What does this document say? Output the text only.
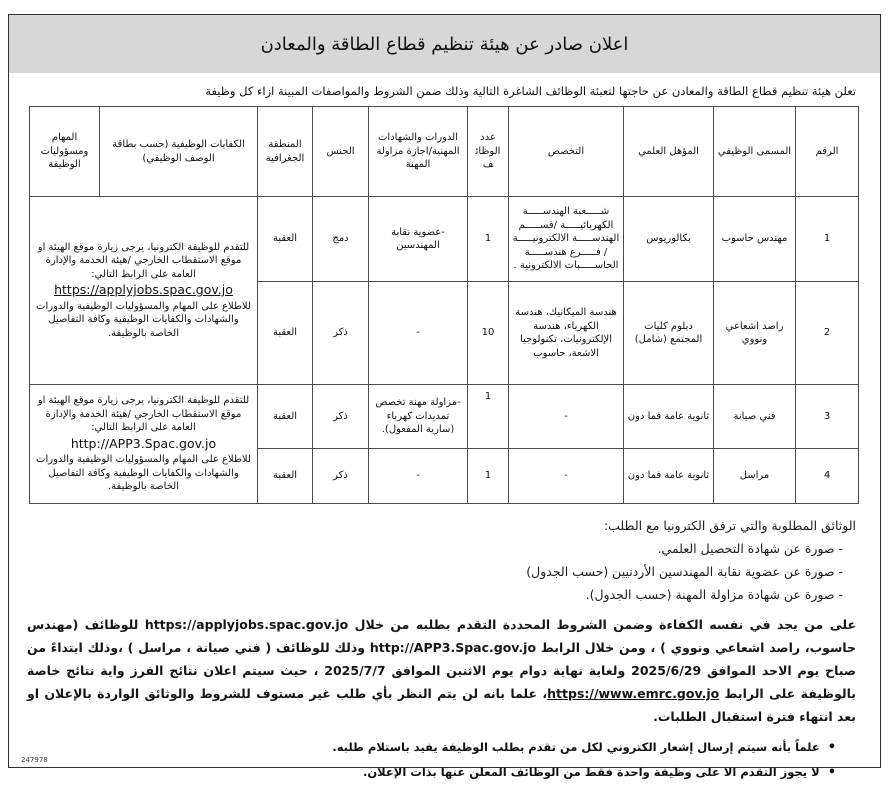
اعلان صادر عن هيئة تنظيم قطاع الطاقة والمعادن
تعلن هيئة تنظيم قطاع الطاقة والمعادن عن حاجتها لتعبئة الوظائف الشاغرة التالية وذلك ضمن الشروط والمواصفات المبينة ازاء كل وظيفة
الرقم	المسمى الوظيفي	المؤهل العلمي	التخصص	عدد الوظائف	الدورات والشهادات المهنية/اجازة مزاولة المهنة	الجنس	المنطقة الجغرافية	الكفايات الوظيفية (حسب بطاقة الوصف الوظيفي)	المهام ومسؤوليات الوظيفة
1	مهندس حاسوب	بكالوريوس	شـــــعبة الهندســـــة الكهربائيـــــة /قســـــم الهندســـــة الالكترونيـــــة / فـــــرع هندســـــة الحاســـــبات الالكترونية .	1	-عضوية نقابة المهندسين	دمج	العقبة	للتقدم للوظيفة الكترونيا، يرجى زيارة موقع الهيئة او موقع الاستقطاب الخارجي /هيئة الخدمة والإدارة العامة على الرابط التالي:
https://applyjobs.spac.gov.jo
للاطلاع على المهام والمسؤوليات الوظيفية والدورات والشهادات والكفايات الوظيفية وكافة التفاصيل الخاصة بالوظيفة.	
2	راصد اشعاعي ونووي	دبلوم كليات المجتمع (شامل)	هندسة الميكانيك، هندسة الكهرباء، هندسة الإلكترونيات، تكنولوجيا الاشعة، حاسوب	10	-	ذكر	العقبة		
3	فني صيانة	ثانوية عامة فما دون	-	1	-مزاولة مهنة تخصص تمديدات كهرباء (سارية المفعول).	ذكر	العقبة	للتقدم للوظيفة الكترونيا، يرجى زيارة موقع الهيئة او موقع الاستقطاب الخارجي /هيئة الخدمة والإدارة العامة على الرابط التالي:
http://APP3.Spac.gov.jo
للاطلاع على المهام والمسؤوليات الوظيفية والدورات والشهادات والكفايات الوظيفية وكافة التفاصيل الخاصة بالوظيفة.	
4	مراسل	ثانوية عامة فما دون	-	1	-	ذكر	العقبة		
الوثائق المطلوبة والتي ترفق الكترونيا مع الطلب:
- صورة عن شهادة التحصيل العلمي.
- صورة عن عضوية نقابة المهندسين الأردنيين (حسب الجدول)
- صورة عن شهادة مزاولة المهنة (حسب الجدول).
على من يجد في نفسه الكفاءة وضمن الشروط المحددة التقدم بطلبه من خلال https://applyjobs.spac.gov.jo للوظائف (مهندس حاسوب، راصد اشعاعي ونووي ) ، ومن خلال الرابط http://APP3.Spac.gov.jo وذلك للوظائف ( فني صيانة ، مراسل ) ،وذلك ابتداءً من صباح يوم الاحد الموافق 2025/6/29 ولغاية نهاية دوام يوم الاثنين الموافق 2025/7/7 ، حيث سيتم اعلان نتائج الفرز واية نتائج خاصة بالوظيفة على الرابط https://www.emrc.gov.jo، علما بانه لن يتم النظر بأي طلب غير مستوف للشروط والوثائق الواردة بالإعلان او بعد انتهاء فترة استقبال الطلبات.
• علماً بأنه سيتم إرسال إشعار الكتروني لكل من تقدم بطلب الوظيفة يفيد باستلام طلبه.
• لا يجوز التقدم الا على وظيفة واحدة فقط من الوظائف المعلن عنها بذات الإعلان.
247978
